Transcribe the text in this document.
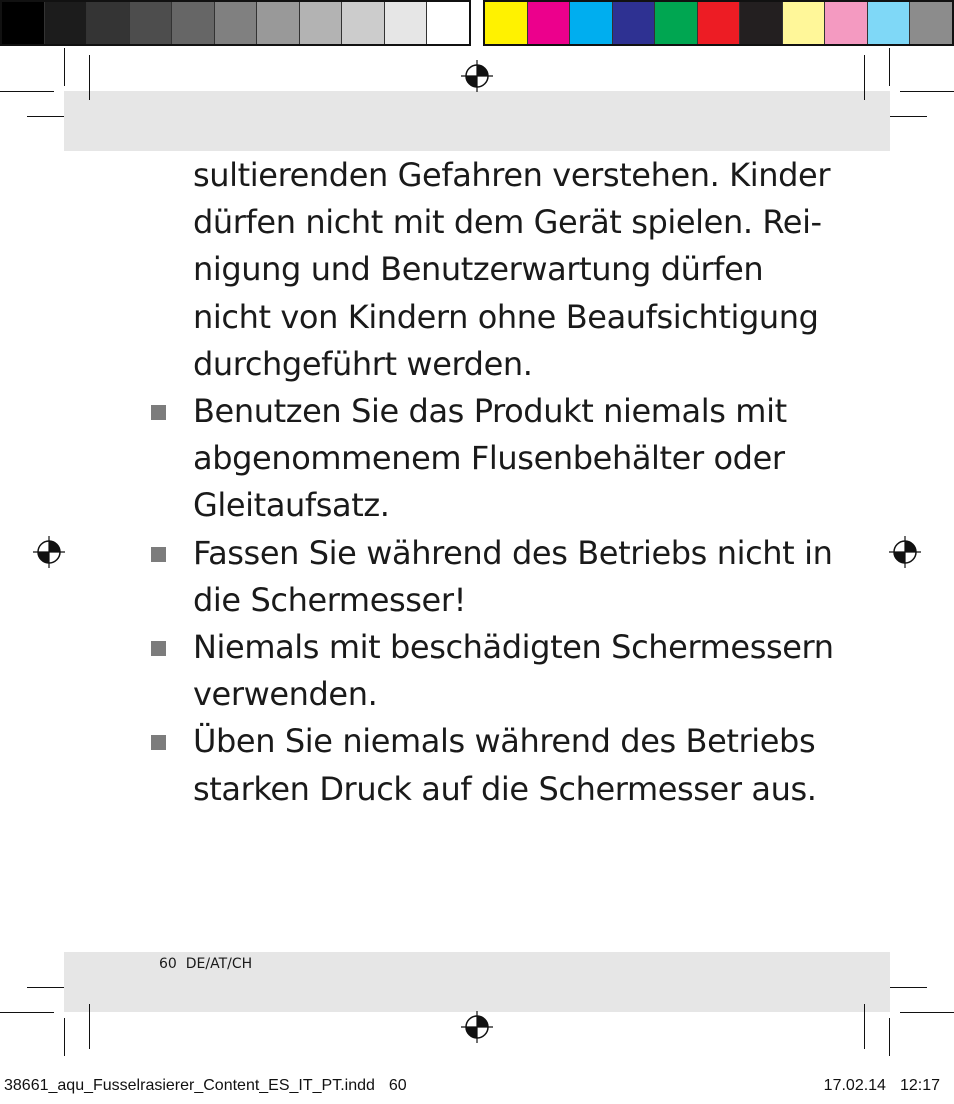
sultierenden Gefahren verstehen. Kinder
dürfen nicht mit dem Gerät spielen. Rei-
nigung und Benutzerwartung dürfen
nicht von Kindern ohne Beaufsichtigung
durchgeführt werden.

Benutzen Sie das Produkt niemals mit
abgenommenem Flusenbehälter oder
Gleitaufsatz.

Fassen Sie während des Betriebs nicht in
die Schermesser!

Niemals mit beschädigten Schermessern
verwenden.

Üben Sie niemals während des Betriebs
starken Druck auf die Schermesser aus.

60 DE/AT/CH
38661_aqu_Fusselrasierer_Content_ES_IT_PT.indd 60	17.02.14 12:17
